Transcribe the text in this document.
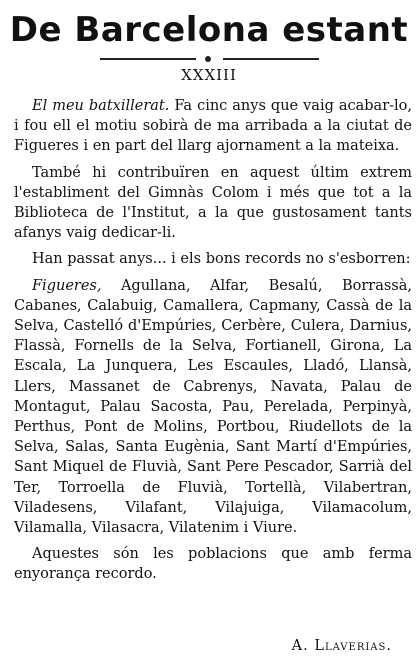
De Barcelona estant
XXXIII

El meu batxillerat. Fa cinc anys que vaig acabar-lo, i fou ell el motiu sobirà de ma arribada a la ciutat de Figueres i en part del llarg ajornament a la mateixa.

També hi contribuïren en aquest últim extrem l'establiment del Gimnàs Colom i més que tot a la Biblioteca de l'Institut, a la que gustosament tants afanys vaig dedicar-li.

Han passat anys... i els bons records no s'esborren:

Figueres, Agullana, Alfar, Besalú, Borrassà, Cabanes, Calabuig, Camallera, Capmany, Cassà de la Selva, Castelló d'Empúries, Cerbère, Culera, Darnius, Flassà, Fornells de la Selva, Fortianell, Girona, La Escala, La Junquera, Les Escaules, Lladó, Llansà, Llers, Massanet de Cabrenys, Navata, Palau de Montagut, Palau Sacosta, Pau, Perelada, Perpinyà, Perthus, Pont de Molins, Portbou, Riudellots de la Selva, Salas, Santa Eugènia, Sant Martí d'Empúries, Sant Miquel de Fluvià, Sant Pere Pescador, Sarrià del Ter, Torroella de Fluvià, Tortellà, Vilabertran, Viladesens, Vilafant, Vilajuiga, Vilamacolum, Vilamalla, Vilasacra, Vilatenim i Viure.

Aquestes són les poblacions que amb ferma enyorança recordo.

A. Llaverias.
